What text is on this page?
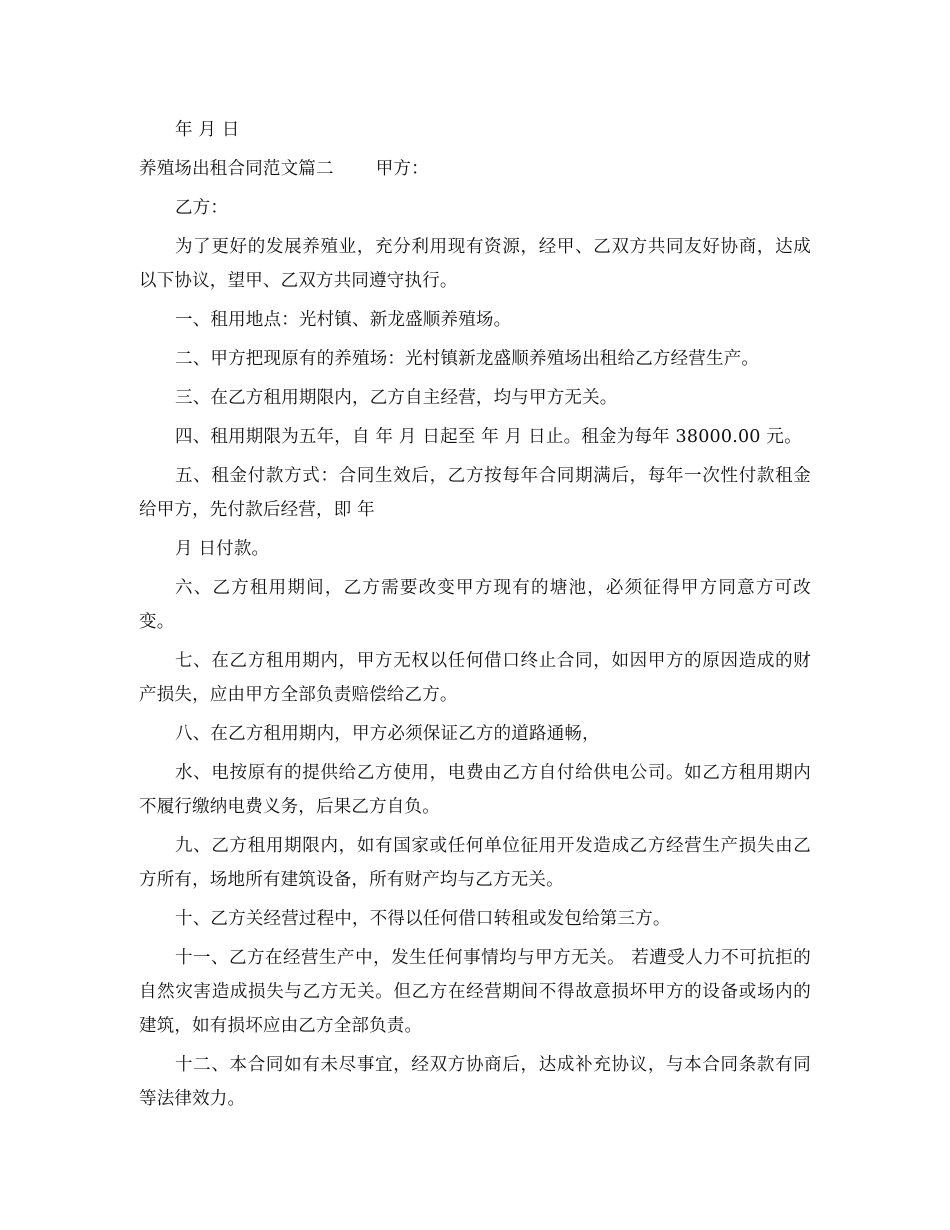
年 月 日

养殖场出租合同范文篇二 甲方：

乙方：

为了更好的发展养殖业，充分利用现有资源，经甲、乙双方共同友好协商，达成以下协议，望甲、乙双方共同遵守执行。

一、租用地点：光村镇、新龙盛顺养殖场。

二、甲方把现原有的养殖场：光村镇新龙盛顺养殖场出租给乙方经营生产。

三、在乙方租用期限内，乙方自主经营，均与甲方无关。

四、租用期限为五年，自 年 月 日起至 年 月 日止。租金为每年 38000.00 元。

五、租金付款方式：合同生效后，乙方按每年合同期满后，每年一次性付款租金给甲方，先付款后经营，即 年

月 日付款。

六、乙方租用期间，乙方需要改变甲方现有的塘池，必须征得甲方同意方可改变。

七、在乙方租用期内，甲方无权以任何借口终止合同，如因甲方的原因造成的财产损失，应由甲方全部负责赔偿给乙方。

八、在乙方租用期内，甲方必须保证乙方的道路通畅，

水、电按原有的提供给乙方使用，电费由乙方自付给供电公司。如乙方租用期内不履行缴纳电费义务，后果乙方自负。

九、乙方租用期限内，如有国家或任何单位征用开发造成乙方经营生产损失由乙方所有，场地所有建筑设备，所有财产均与乙方无关。

十、乙方关经营过程中，不得以任何借口转租或发包给第三方。

十一、乙方在经营生产中，发生任何事情均与甲方无关。 若遭受人力不可抗拒的自然灾害造成损失与乙方无关。但乙方在经营期间不得故意损坏甲方的设备或场内的建筑，如有损坏应由乙方全部负责。

十二、本合同如有未尽事宜，经双方协商后，达成补充协议，与本合同条款有同等法律效力。
